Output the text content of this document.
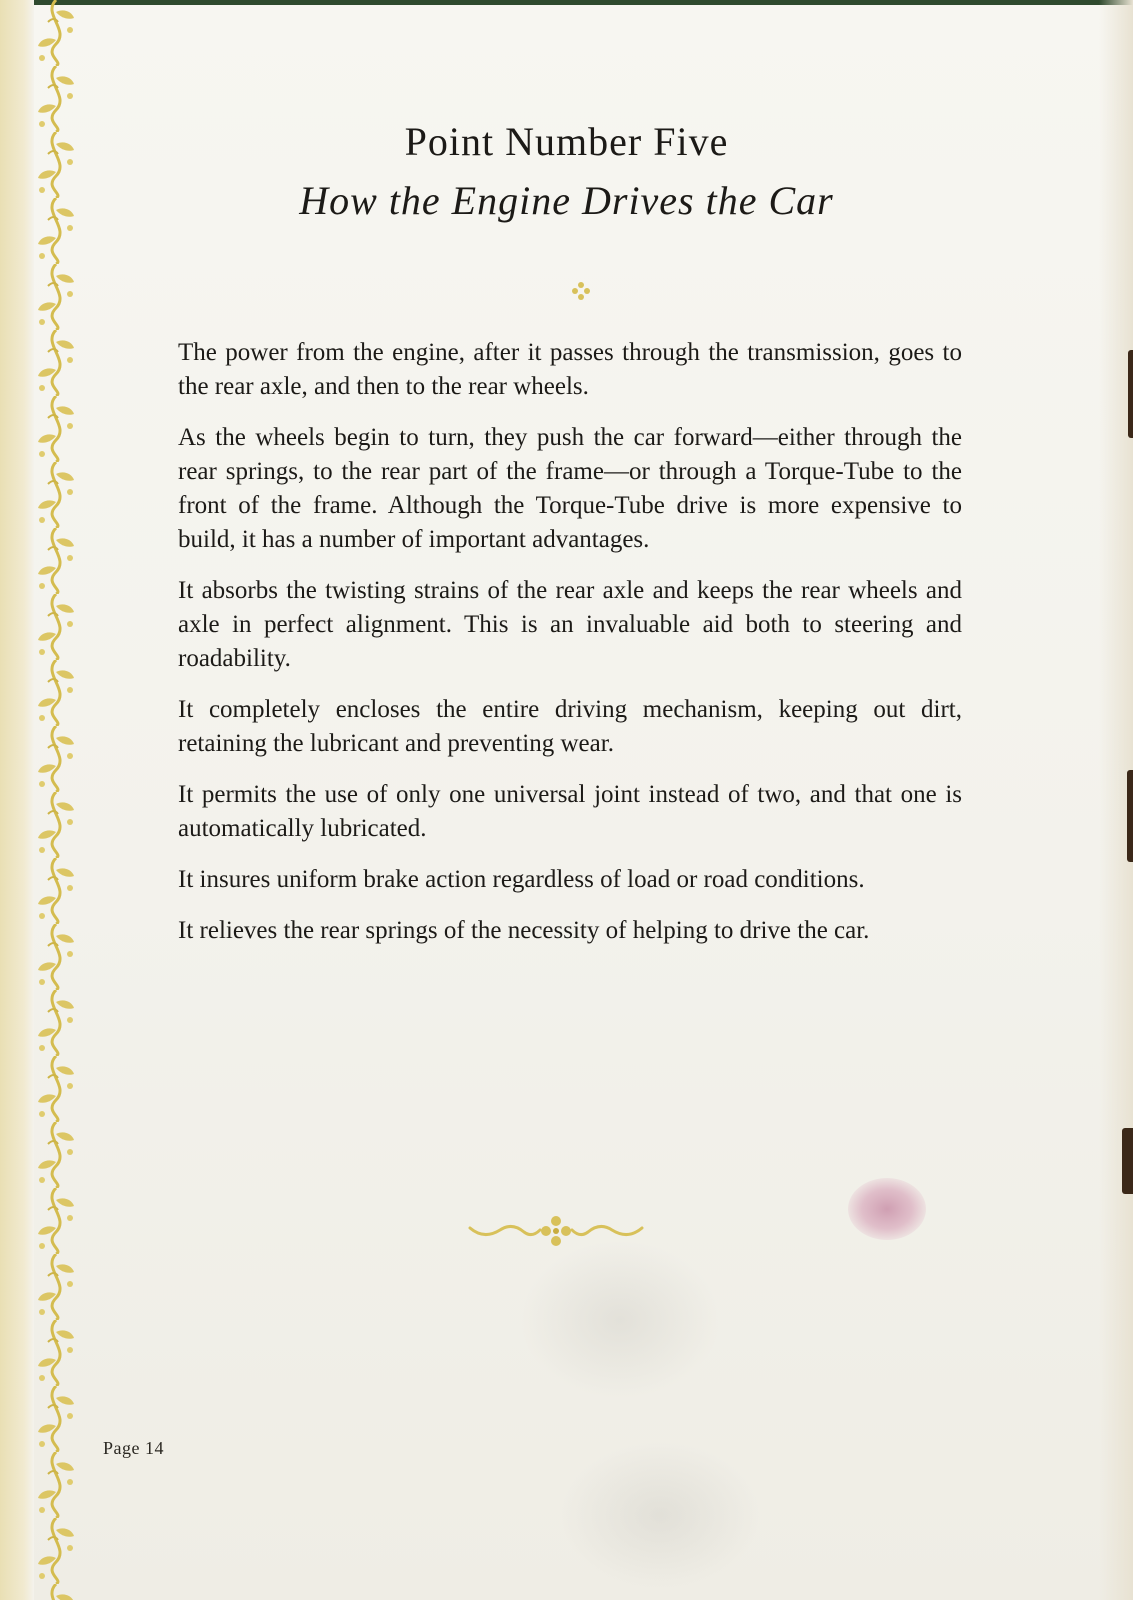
Point Number Five
How the Engine Drives the Car

The power from the engine, after it passes through the transmission, goes to the rear axle, and then to the rear wheels.

As the wheels begin to turn, they push the car forward—either through the rear springs, to the rear part of the frame—or through a Torque-Tube to the front of the frame. Although the Torque-Tube drive is more expensive to build, it has a number of important advantages.

It absorbs the twisting strains of the rear axle and keeps the rear wheels and axle in perfect alignment. This is an invaluable aid both to steering and roadability.

It completely encloses the entire driving mechanism, keeping out dirt, retaining the lubricant and preventing wear.

It permits the use of only one universal joint instead of two, and that one is automatically lubricated.

It insures uniform brake action regardless of load or road conditions.

It relieves the rear springs of the necessity of helping to drive the car.

Page 14
